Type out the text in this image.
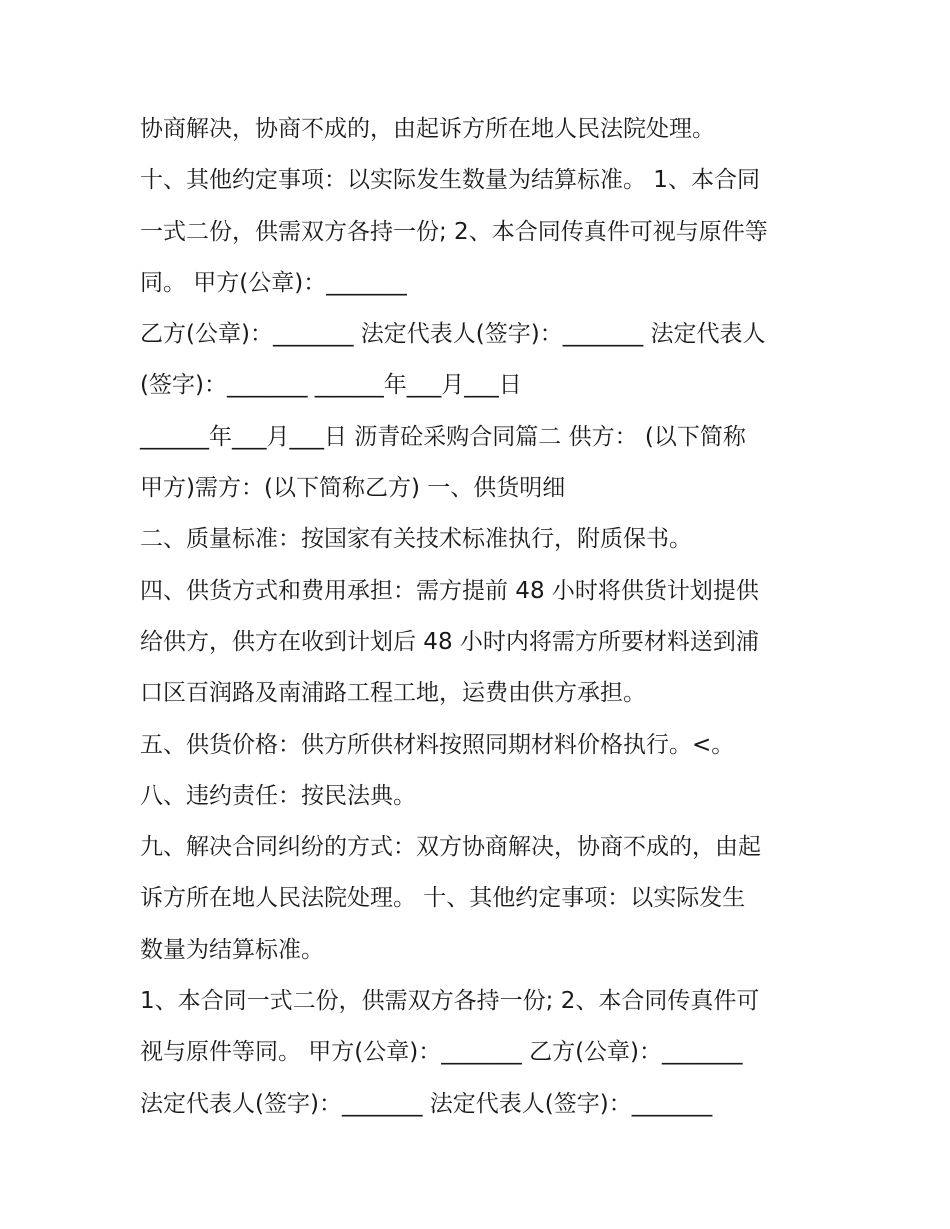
协商解决，协商不成的，由起诉方所在地人民法院处理。

十、其他约定事项：以实际发生数量为结算标准。 1、本合同

一式二份，供需双方各持一份; 2、本合同传真件可视与原件等

同。 甲方(公章)：_______

乙方(公章)：_______ 法定代表人(签字)：_______ 法定代表人

(签字)：_______ ______年___月___日

______年___月___日 沥青砼采购合同篇二 供方： (以下简称

甲方)需方：(以下简称乙方) 一、供货明细

二、质量标准：按国家有关技术标准执行，附质保书。

四、供货方式和费用承担：需方提前 48 小时将供货计划提供

给供方，供方在收到计划后 48 小时内将需方所要材料送到浦

口区百润路及南浦路工程工地，运费由供方承担。

五、供货价格：供方所供材料按照同期材料价格执行。<。

八、违约责任：按民法典。

九、解决合同纠纷的方式：双方协商解决，协商不成的，由起

诉方所在地人民法院处理。 十、其他约定事项：以实际发生

数量为结算标准。

1、本合同一式二份，供需双方各持一份; 2、本合同传真件可

视与原件等同。 甲方(公章)：_______ 乙方(公章)：_______

法定代表人(签字)：_______ 法定代表人(签字)：_______
